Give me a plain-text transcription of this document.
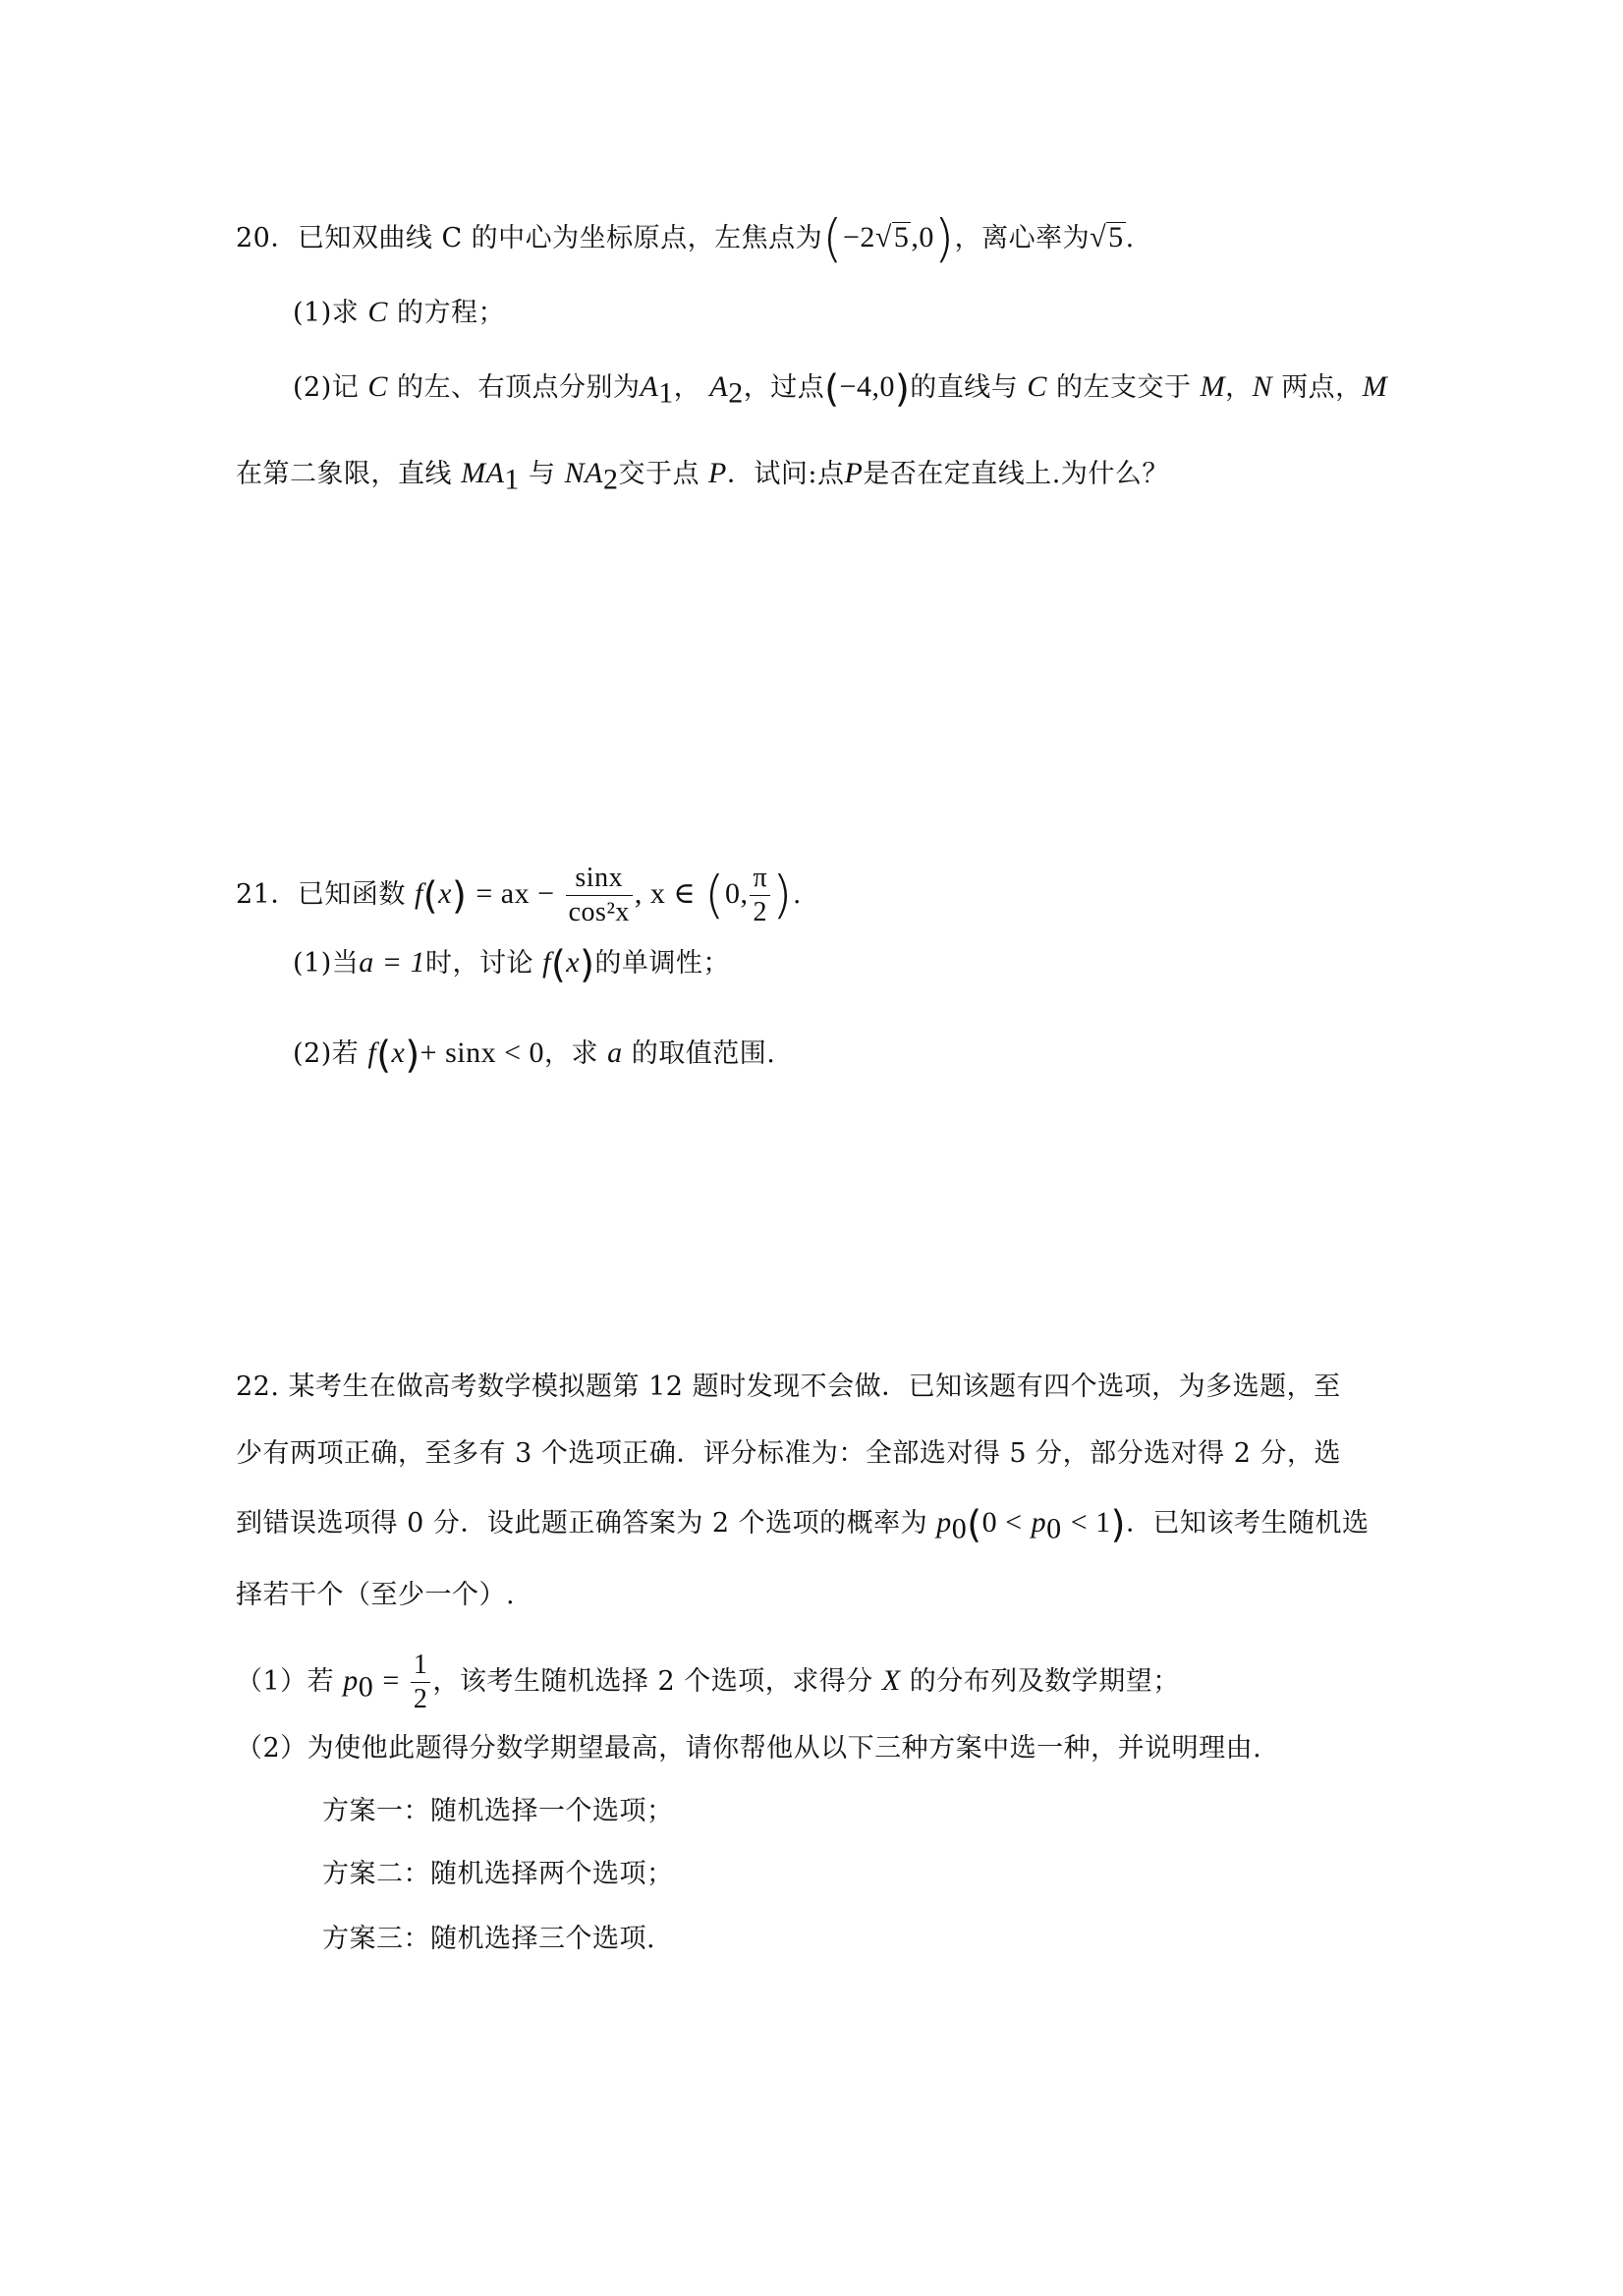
20．已知双曲线 C 的中心为坐标原点，左焦点为(−2√5,0)，离心率为√5.
(1)求 C 的方程；
(2)记 C 的左、右顶点分别为$A_1$， $A_2$，过点(−4,0)的直线与 C 的左支交于 M，N 两点，M
在第二象限，直线 $MA_1$ 与 $NA_2$交于点 P．试问:点P是否在定直线上.为什么？
21．已知函数 f(x) = ax − $\frac{\sin x}{\text{cos²x}}$ , x ∈ (0, $\frac{\pi}{2}$ ).
(1)当a = 1时，讨论 f(x)的单调性；
(2)若 f(x)+ sinx < 0，求 a 的取值范围.
22. 某考生在做高考数学模拟题第 12 题时发现不会做．已知该题有四个选项，为多选题，至
少有两项正确，至多有 3 个选项正确．评分标准为：全部选对得 5 分，部分选对得 2 分，选
到错误选项得 0 分．设此题正确答案为 2 个选项的概率为 $p_0(0 < p_0 < 1)$．已知该考生随机选
择若干个（至少一个）.
（1）若 $p_0 = \frac{1}{2}$ ，该考生随机选择 2 个选项，求得分 X 的分布列及数学期望；
（2）为使他此题得分数学期望最高，请你帮他从以下三种方案中选一种，并说明理由.
方案一：随机选择一个选项；
方案二：随机选择两个选项；
方案三：随机选择三个选项.
